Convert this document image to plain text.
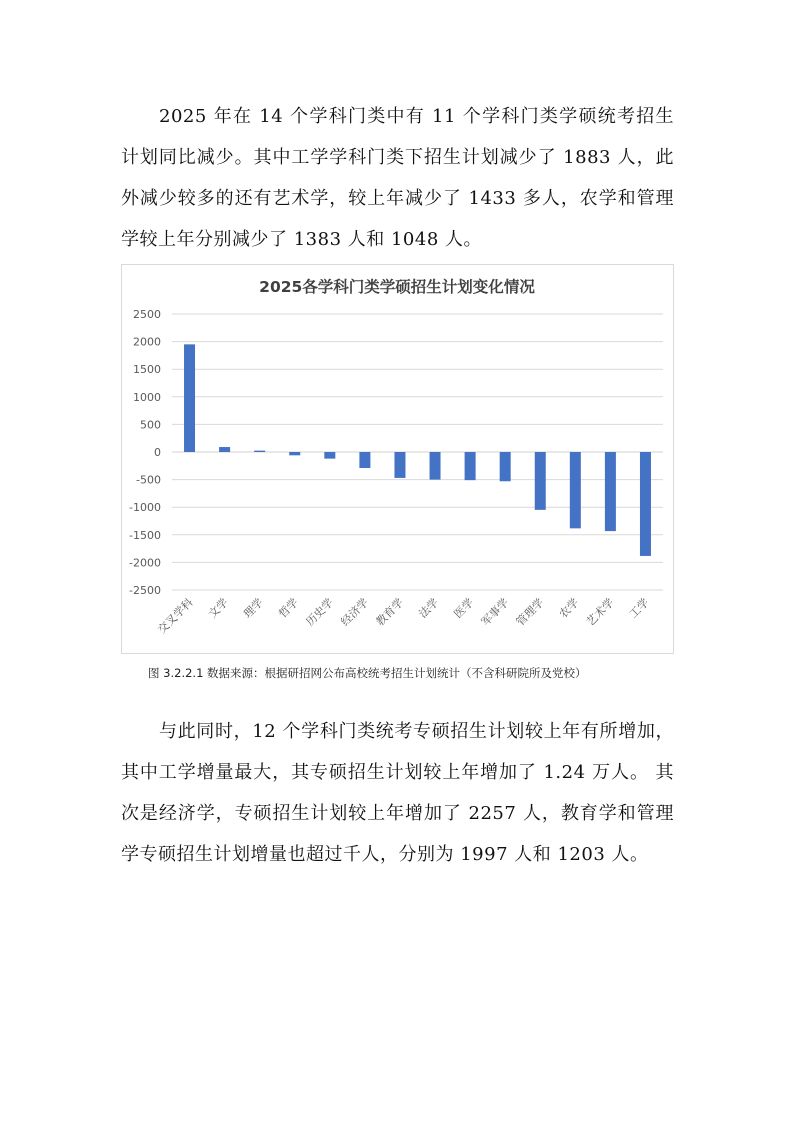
2025 年在 14 个学科门类中有 11 个学科门类学硕统考招生计划同比减少。其中工学学科门类下招生计划减少了 1883 人，此外减少较多的还有艺术学，较上年减少了 1433 多人，农学和管理学较上年分别减少了 1383 人和 1048 人。

2025各学科门类学硕招生计划变化情况
2500
2000
1500
1000
500
0
-500
-1000
-1500
-2000
-2500
交叉学科 文学 理学 哲学 历史学 经济学 教育学 法学 医学 军事学 管理学 农学 艺术学 工学
图 3.2.2.1 数据来源：根据研招网公布高校统考招生计划统计（不含科研院所及党校）

与此同时，12 个学科门类统考专硕招生计划较上年有所增加，其中工学增量最大，其专硕招生计划较上年增加了 1.24 万人。 其次是经济学，专硕招生计划较上年增加了 2257 人，教育学和管理学专硕招生计划增量也超过千人，分别为 1997 人和 1203 人。
